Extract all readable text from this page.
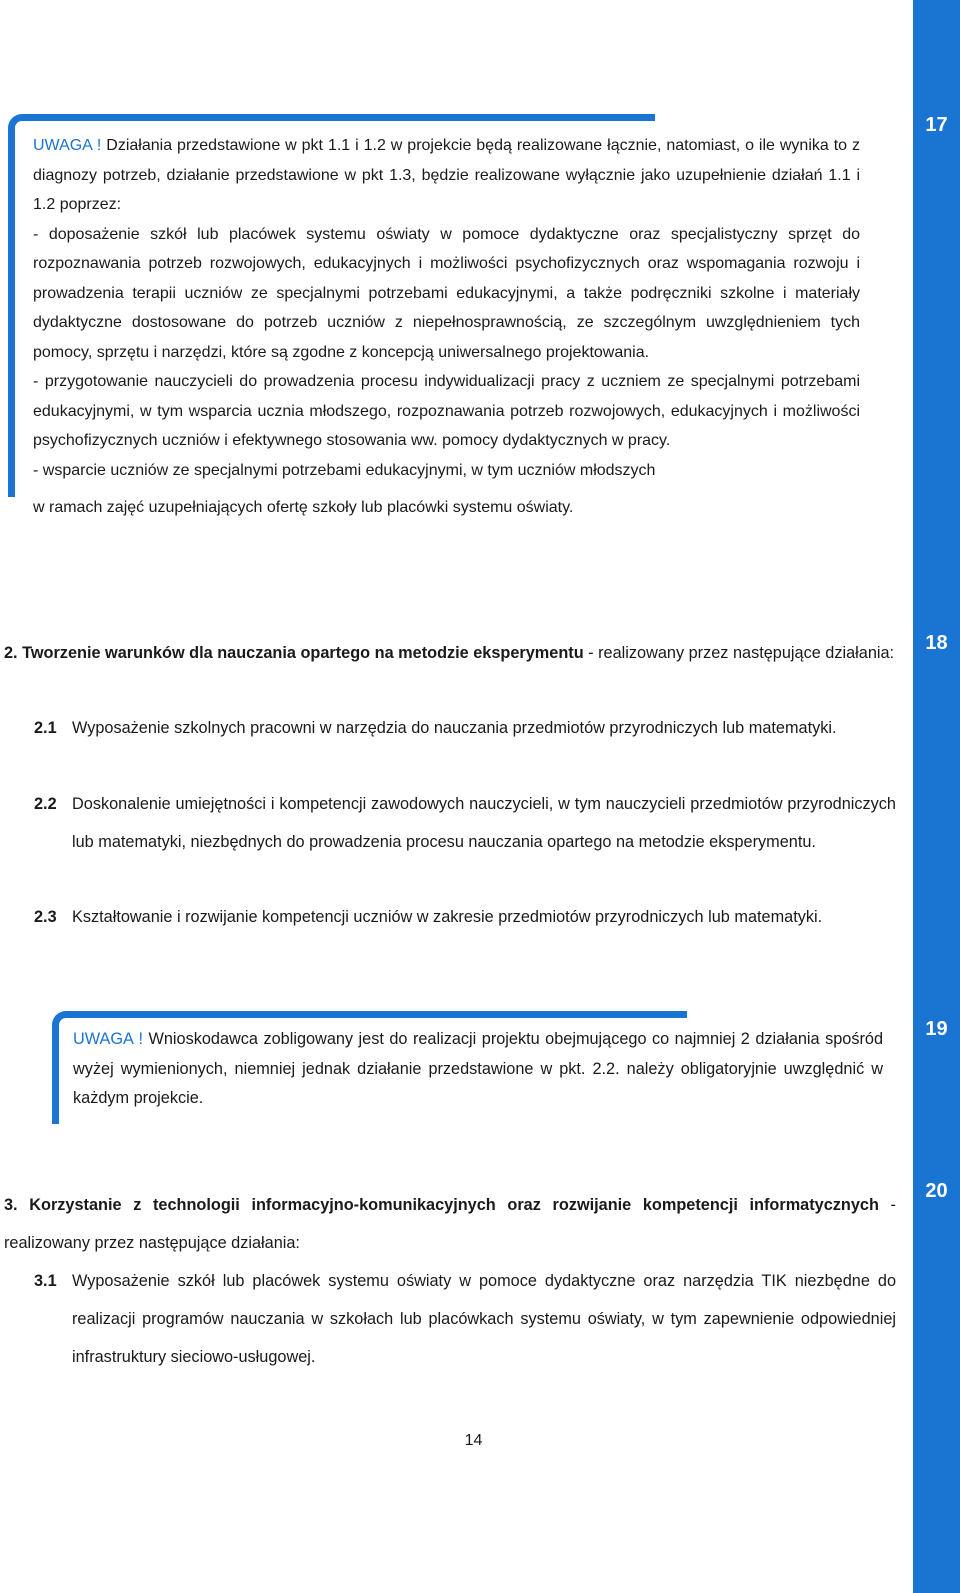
17
18
19
20

UWAGA ! Działania przedstawione w pkt 1.1 i 1.2 w projekcie będą realizowane łącznie, natomiast, o ile wynika to z diagnozy potrzeb, działanie przedstawione w pkt 1.3, będzie realizowane wyłącznie jako uzupełnienie działań 1.1 i 1.2 poprzez:

- doposażenie szkół lub placówek systemu oświaty w pomoce dydaktyczne oraz specjalistyczny sprzęt do rozpoznawania potrzeb rozwojowych, edukacyjnych i możliwości psychofizycznych oraz wspomagania rozwoju i prowadzenia terapii uczniów ze specjalnymi potrzebami edukacyjnymi, a także podręczniki szkolne i materiały dydaktyczne dostosowane do potrzeb uczniów z niepełnosprawnością, ze szczególnym uwzględnieniem tych pomocy, sprzętu i narzędzi, które są zgodne z koncepcją uniwersalnego projektowania.

- przygotowanie nauczycieli do prowadzenia procesu indywidualizacji pracy z uczniem ze specjalnymi potrzebami edukacyjnymi, w tym wsparcia ucznia młodszego, rozpoznawania potrzeb rozwojowych, edukacyjnych i możliwości psychofizycznych uczniów i efektywnego stosowania ww. pomocy dydaktycznych w pracy.

- wsparcie uczniów ze specjalnymi potrzebami edukacyjnymi, w tym uczniów młodszych

w ramach zajęć uzupełniających ofertę szkoły lub placówki systemu oświaty.

2. Tworzenie warunków dla nauczania opartego na metodzie eksperymentu - realizowany przez następujące działania:

2.1 Wyposażenie szkolnych pracowni w narzędzia do nauczania przedmiotów przyrodniczych lub matematyki.
2.2 Doskonalenie umiejętności i kompetencji zawodowych nauczycieli, w tym nauczycieli przedmiotów przyrodniczych lub matematyki, niezbędnych do prowadzenia procesu nauczania opartego na metodzie eksperymentu.
2.3 Kształtowanie i rozwijanie kompetencji uczniów w zakresie przedmiotów przyrodniczych lub matematyki.

UWAGA ! Wnioskodawca zobligowany jest do realizacji projektu obejmującego co najmniej 2 działania spośród wyżej wymienionych, niemniej jednak działanie przedstawione w pkt. 2.2. należy obligatoryjnie uwzględnić w każdym projekcie.

3. Korzystanie z technologii informacyjno-komunikacyjnych oraz rozwijanie kompetencji informatycznych - realizowany przez następujące działania:

3.1 Wyposażenie szkół lub placówek systemu oświaty w pomoce dydaktyczne oraz narzędzia TIK niezbędne do realizacji programów nauczania w szkołach lub placówkach systemu oświaty, w tym zapewnienie odpowiedniej infrastruktury sieciowo-usługowej.
14
